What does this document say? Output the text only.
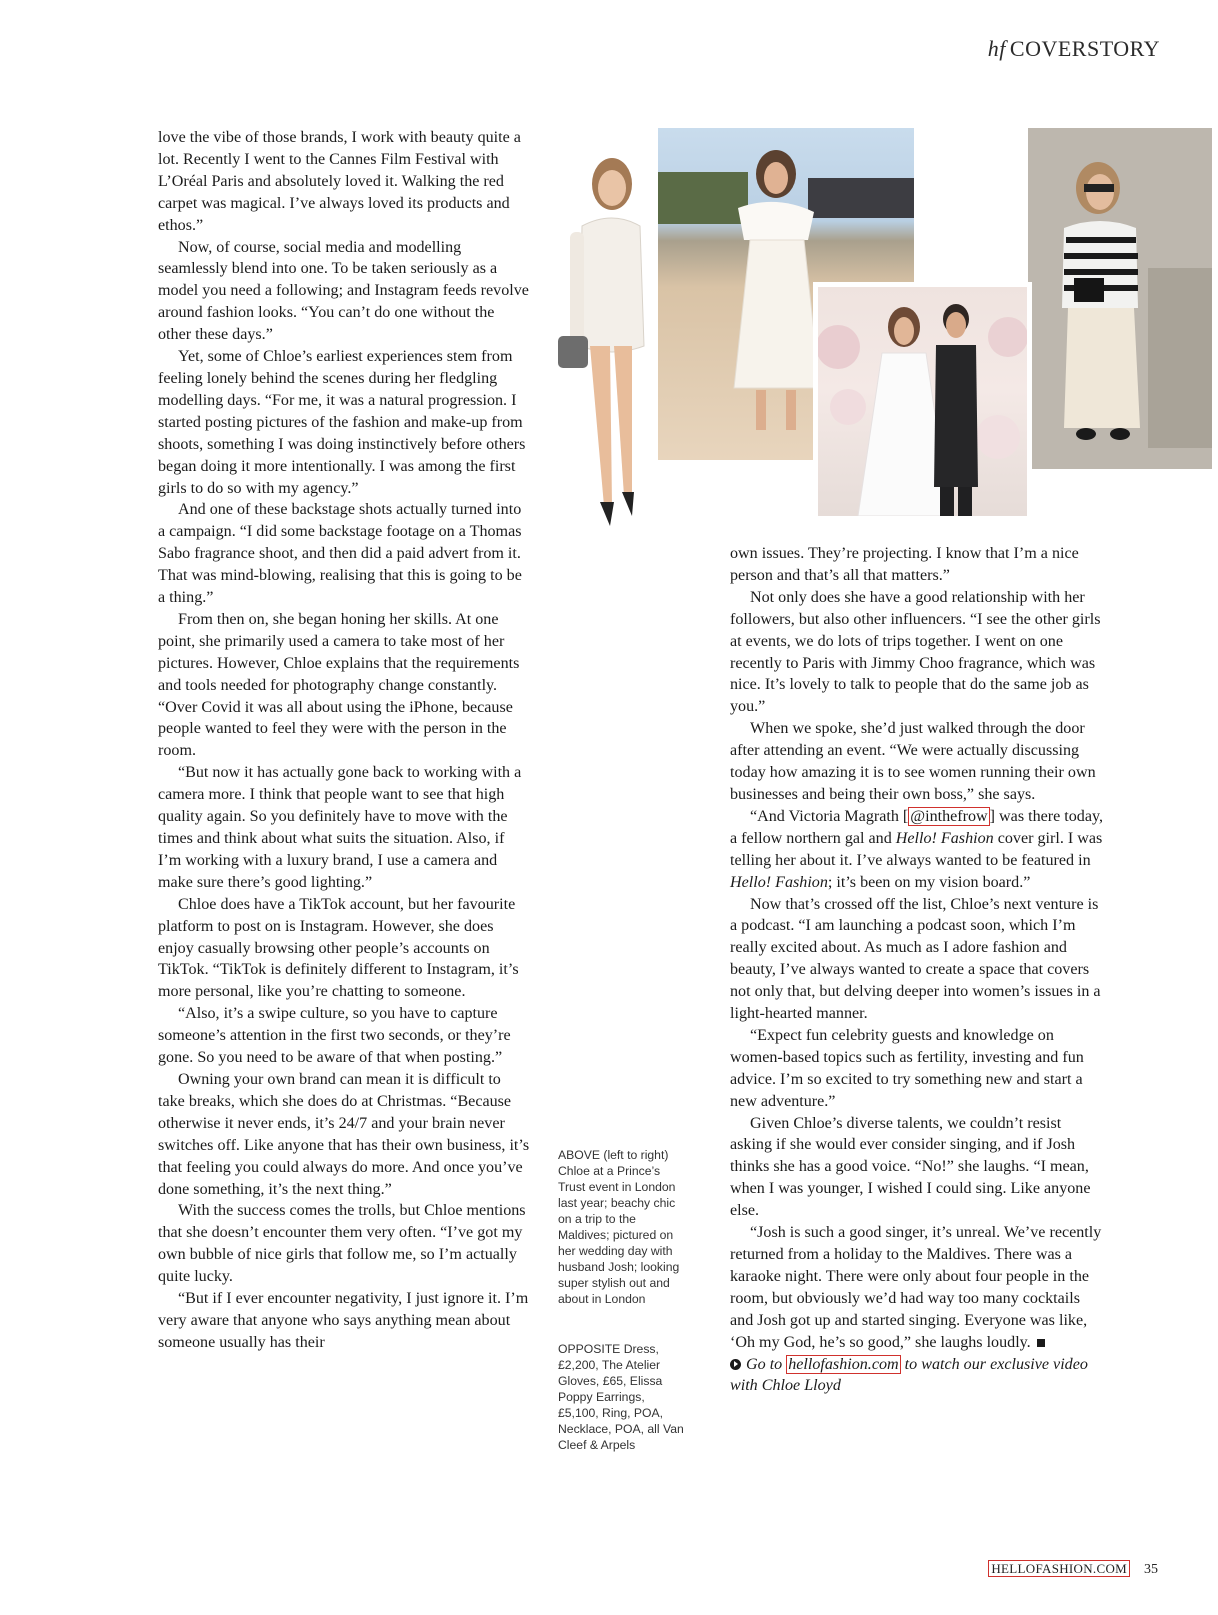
hf COVERSTORY

love the vibe of those brands, I work with beauty quite a lot. Recently I went to the Cannes Film Festival with L’Oréal Paris and absolutely loved it. Walking the red carpet was magical. I’ve always loved its products and ethos.”

Now, of course, social media and modelling seamlessly blend into one. To be taken seriously as a model you need a following; and Instagram feeds revolve around fashion looks. “You can’t do one without the other these days.”

Yet, some of Chloe’s earliest experiences stem from feeling lonely behind the scenes during her fledgling modelling days. “For me, it was a natural progression. I started posting pictures of the fashion and make-up from shoots, something I was doing instinctively before others began doing it more intentionally. I was among the first girls to do so with my agency.”

And one of these backstage shots actually turned into a campaign. “I did some backstage footage on a Thomas Sabo fragrance shoot, and then did a paid advert from it. That was mind-blowing, realising that this is going to be a thing.”

From then on, she began honing her skills. At one point, she primarily used a camera to take most of her pictures. However, Chloe explains that the requirements and tools needed for photography change constantly. “Over Covid it was all about using the iPhone, because people wanted to feel they were with the person in the room.

“But now it has actually gone back to working with a camera more. I think that people want to see that high quality again. So you definitely have to move with the times and think about what suits the situation. Also, if I’m working with a luxury brand, I use a camera and make sure there’s good lighting.”

Chloe does have a TikTok account, but her favourite platform to post on is Instagram. However, she does enjoy casually browsing other people’s accounts on TikTok. “TikTok is definitely different to Instagram, it’s more personal, like you’re chatting to someone.

“Also, it’s a swipe culture, so you have to capture someone’s attention in the first two seconds, or they’re gone. So you need to be aware of that when posting.”

Owning your own brand can mean it is difficult to take breaks, which she does do at Christmas. “Because otherwise it never ends, it’s 24/7 and your brain never switches off. Like anyone that has their own business, it’s that feeling you could always do more. And once you’ve done something, it’s the next thing.”

With the success comes the trolls, but Chloe mentions that she doesn’t encounter them very often. “I’ve got my own bubble of nice girls that follow me, so I’m actually quite lucky.

“But if I ever encounter negativity, I just ignore it. I’m very aware that anyone who says anything mean about someone usually has their

ABOVE (left to right) Chloe at a Prince’s Trust event in London last year; beachy chic on a trip to the Maldives; pictured on her wedding day with husband Josh; looking super stylish out and about in London
OPPOSITE Dress, £2,200, The Atelier Gloves, £65, Elissa Poppy Earrings, £5,100, Ring, POA, Necklace, POA, all Van Cleef & Arpels

own issues. They’re projecting. I know that I’m a nice person and that’s all that matters.”

Not only does she have a good relationship with her followers, but also other influencers. “I see the other girls at events, we do lots of trips together. I went on one recently to Paris with Jimmy Choo fragrance, which was nice. It’s lovely to talk to people that do the same job as you.”

When we spoke, she’d just walked through the door after attending an event. “We were actually discussing today how amazing it is to see women running their own businesses and being their own boss,” she says.

“And Victoria Magrath [ @inthefrow ] was there today, a fellow northern gal and Hello! Fashion cover girl. I was telling her about it. I’ve always wanted to be featured in Hello! Fashion; it’s been on my vision board.”

Now that’s crossed off the list, Chloe’s next venture is a podcast. “I am launching a podcast soon, which I’m really excited about. As much as I adore fashion and beauty, I’ve always wanted to create a space that covers not only that, but delving deeper into women’s issues in a light-hearted manner.

“Expect fun celebrity guests and knowledge on women-based topics such as fertility, investing and fun advice. I’m so excited to try something new and start a new adventure.”

Given Chloe’s diverse talents, we couldn’t resist asking if she would ever consider singing, and if Josh thinks she has a good voice. “No!” she laughs. “I mean, when I was younger, I wished I could sing. Like anyone else.

“Josh is such a good singer, it’s unreal. We’ve recently returned from a holiday to the Maldives. There was a karaoke night. There were only about four people in the room, but obviously we’d had way too many cocktails and Josh got up and started singing. Everyone was like, ‘Oh my God, he’s so good,” she laughs loudly.

Go to hellofashion.com to watch our exclusive video with Chloe Lloyd

HELLOFASHION.COM 35
